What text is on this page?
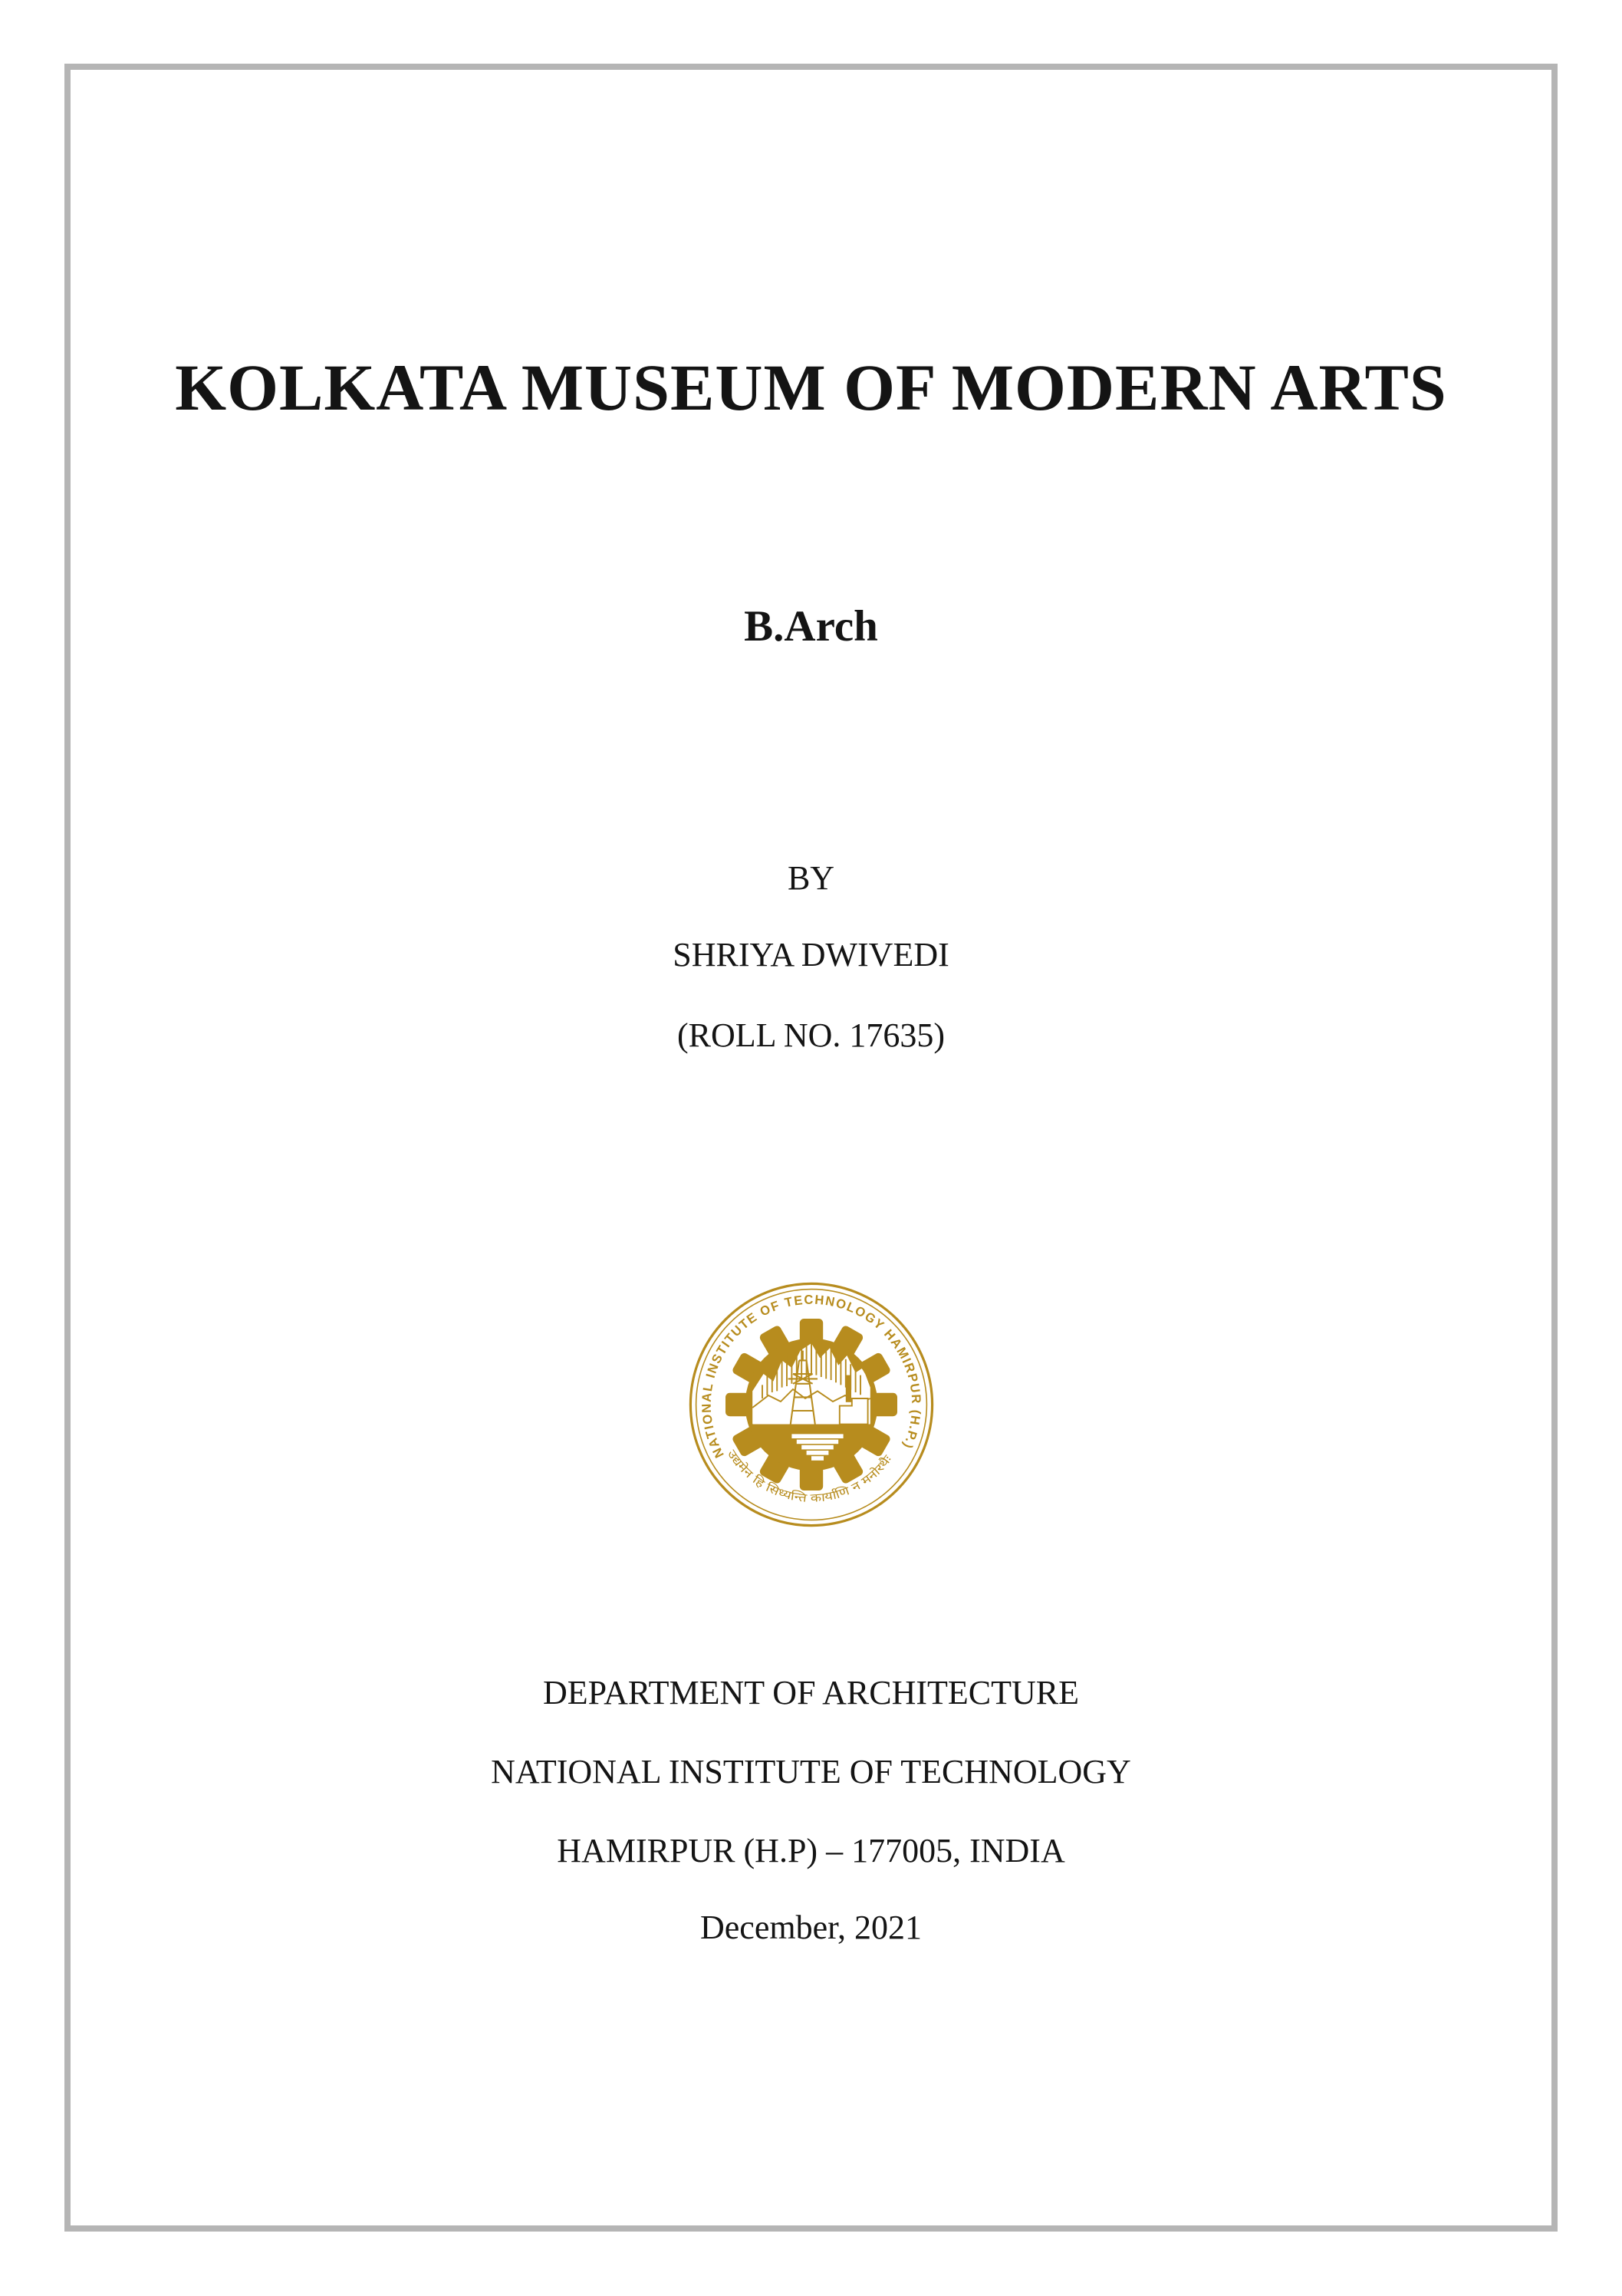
KOLKATA MUSEUM OF MODERN ARTS
B.Arch
BY
SHRIYA DWIVEDI
(ROLL NO. 17635)
NATIONAL INSTITUTE OF TECHNOLOGY HAMIRPUR (H.P.)
उद्यमेन हि सिध्यन्ति कार्याणि न मनोरथैः
DEPARTMENT OF ARCHITECTURE
NATIONAL INSTITUTE OF TECHNOLOGY
HAMIRPUR (H.P) – 177005, INDIA
December, 2021
